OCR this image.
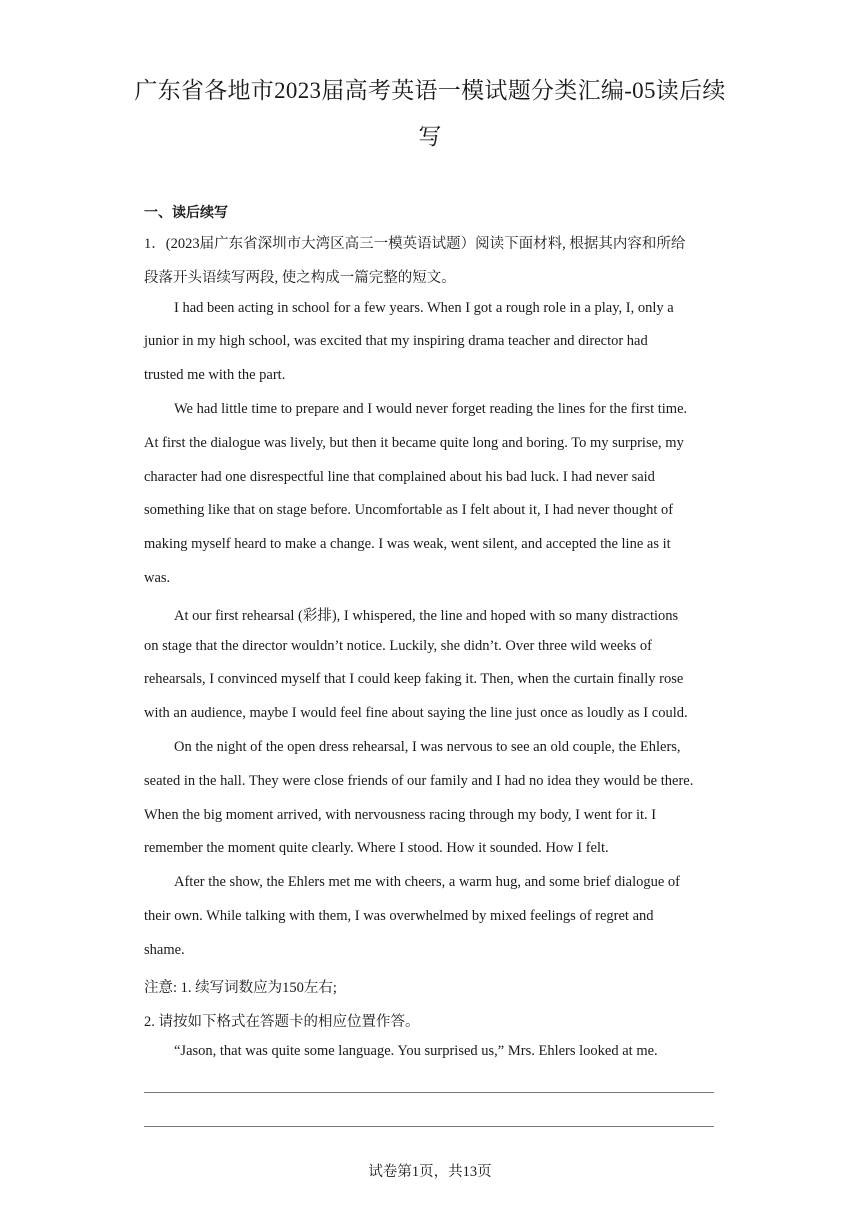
广东省各地市2023届高考英语一模试题分类汇编-05读后续
写
一、读后续写
1．(2023届广东省深圳市大湾区高三一模英语试题）阅读下面材料, 根据其内容和所给
段落开头语续写两段, 使之构成一篇完整的短文。
I had been acting in school for a few years. When I got a rough role in a play, I, only a
junior in my high school, was excited that my inspiring drama teacher and director had
trusted me with the part.
We had little time to prepare and I would never forget reading the lines for the first time.
At first the dialogue was lively, but then it became quite long and boring. To my surprise, my
character had one disrespectful line that complained about his bad luck. I had never said
something like that on stage before. Uncomfortable as I felt about it, I had never thought of
making myself heard to make a change. I was weak, went silent, and accepted the line as it
was.
At our first rehearsal (彩排), I whispered, the line and hoped with so many distractions
on stage that the director wouldn’t notice. Luckily, she didn’t. Over three wild weeks of
rehearsals, I convinced myself that I could keep faking it. Then, when the curtain finally rose
with an audience, maybe I would feel fine about saying the line just once as loudly as I could.
On the night of the open dress rehearsal, I was nervous to see an old couple, the Ehlers,
seated in the hall. They were close friends of our family and I had no idea they would be there.
When the big moment arrived, with nervousness racing through my body, I went for it. I
remember the moment quite clearly. Where I stood. How it sounded. How I felt.
After the show, the Ehlers met me with cheers, a warm hug, and some brief dialogue of
their own. While talking with them, I was overwhelmed by mixed feelings of regret and
shame.
注意: 1. 续写词数应为150左右;
2. 请按如下格式在答题卡的相应位置作答。
“Jason, that was quite some language. You surprised us,” Mrs. Ehlers looked at me.
试卷第1页，共13页
